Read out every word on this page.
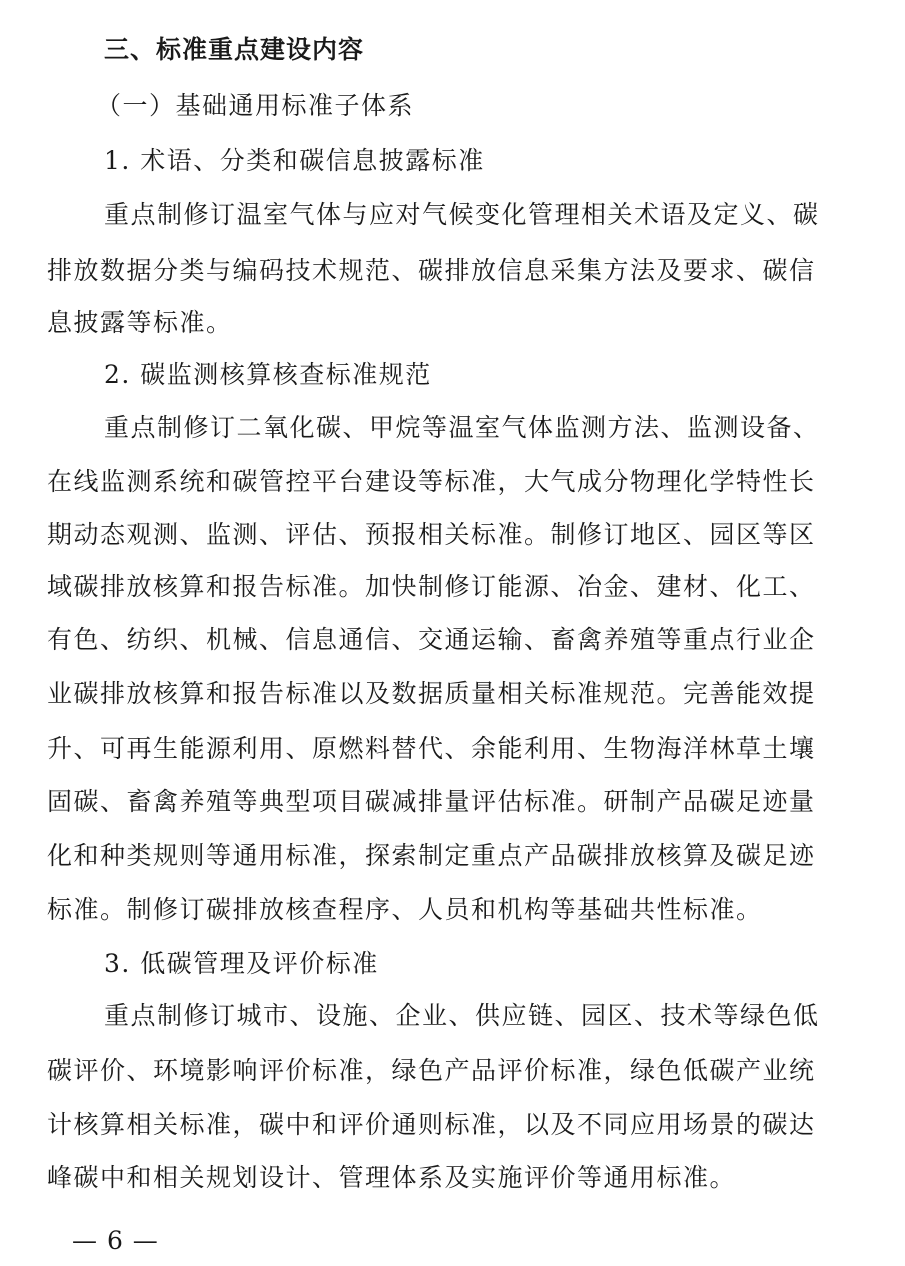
三、标准重点建设内容
（一）基础通用标准子体系
1. 术语、分类和碳信息披露标准
重点制修订温室气体与应对气候变化管理相关术语及定义、碳
排放数据分类与编码技术规范、碳排放信息采集方法及要求、碳信
息披露等标准。
2. 碳监测核算核查标准规范
重点制修订二氧化碳、甲烷等温室气体监测方法、监测设备、
在线监测系统和碳管控平台建设等标准，大气成分物理化学特性长
期动态观测、监测、评估、预报相关标准。制修订地区、园区等区
域碳排放核算和报告标准。加快制修订能源、冶金、建材、化工、
有色、纺织、机械、信息通信、交通运输、畜禽养殖等重点行业企
业碳排放核算和报告标准以及数据质量相关标准规范。完善能效提
升、可再生能源利用、原燃料替代、余能利用、生物海洋林草土壤
固碳、畜禽养殖等典型项目碳减排量评估标准。研制产品碳足迹量
化和种类规则等通用标准，探索制定重点产品碳排放核算及碳足迹
标准。制修订碳排放核查程序、人员和机构等基础共性标准。
3. 低碳管理及评价标准
重点制修订城市、设施、企业、供应链、园区、技术等绿色低
碳评价、环境影响评价标准，绿色产品评价标准，绿色低碳产业统
计核算相关标准，碳中和评价通则标准，以及不同应用场景的碳达
峰碳中和相关规划设计、管理体系及实施评价等通用标准。
— 6 —
